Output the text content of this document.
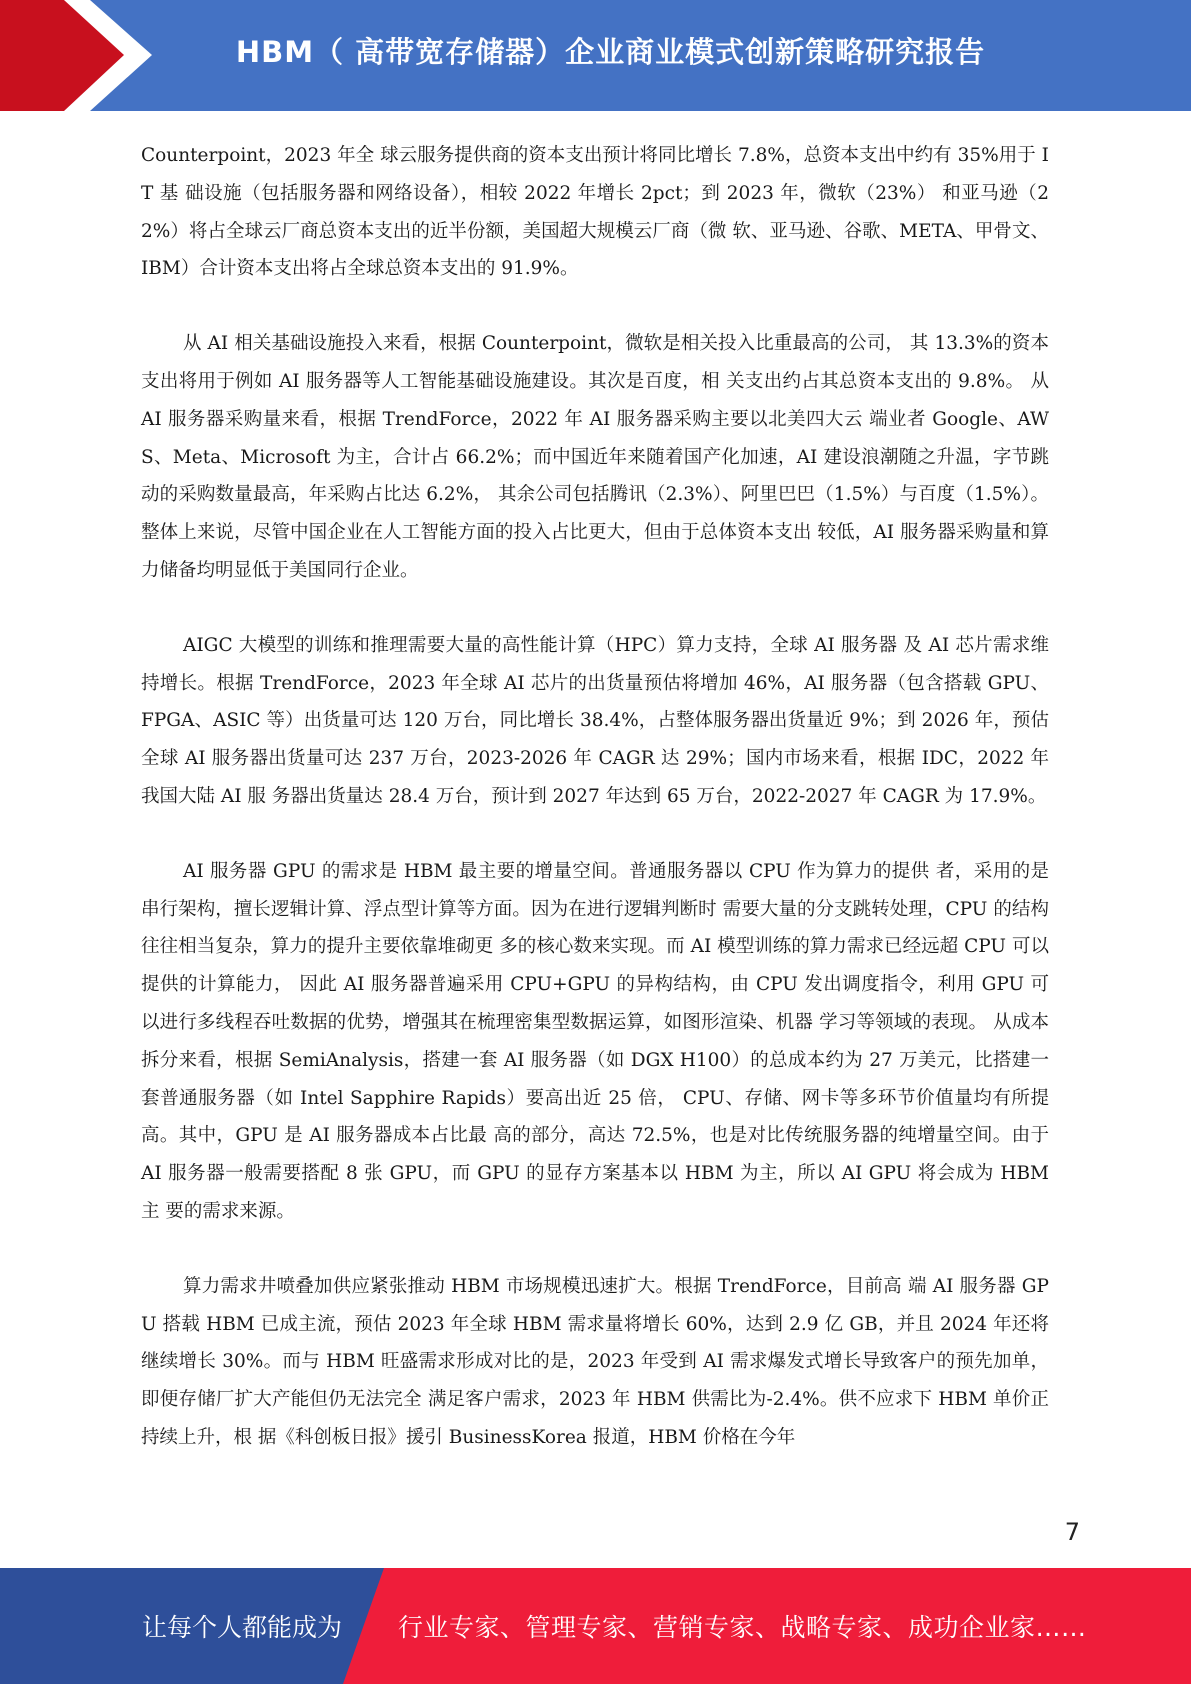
HBM（ 高带宽存储器）企业商业模式创新策略研究报告

Counterpoint，2023 年全 球云服务提供商的资本支出预计将同比增长 7.8%，总资本支出中约有 35%用于 IT 基 础设施（包括服务器和网络设备），相较 2022 年增长 2pct；到 2023 年，微软（23%） 和亚马逊（22%）将占全球云厂商总资本支出的近半份额，美国超大规模云厂商（微 软、亚马逊、谷歌、META、甲骨文、IBM）合计资本支出将占全球总资本支出的 91.9%。

从 AI 相关基础设施投入来看，根据 Counterpoint，微软是相关投入比重最高的公司， 其 13.3%的资本支出将用于例如 AI 服务器等人工智能基础设施建设。其次是百度，相 关支出约占其总资本支出的 9.8%。 从 AI 服务器采购量来看，根据 TrendForce，2022 年 AI 服务器采购主要以北美四大云 端业者 Google、AWS、Meta、Microsoft 为主，合计占 66.2%；而中国近年来随着国产化加速，AI 建设浪潮随之升温，字节跳动的采购数量最高，年采购占比达 6.2%， 其余公司包括腾讯（2.3%）、阿里巴巴（1.5%）与百度（1.5%）。 整体上来说，尽管中国企业在人工智能方面的投入占比更大，但由于总体资本支出 较低，AI 服务器采购量和算力储备均明显低于美国同行企业。

AIGC 大模型的训练和推理需要大量的高性能计算（HPC）算力支持，全球 AI 服务器 及 AI 芯片需求维持增长。根据 TrendForce，2023 年全球 AI 芯片的出货量预估将增加 46%，AI 服务器（包含搭载 GPU、FPGA、ASIC 等）出货量可达 120 万台，同比增长 38.4%，占整体服务器出货量近 9%；到 2026 年，预估全球 AI 服务器出货量可达 237 万台，2023-2026 年 CAGR 达 29%；国内市场来看，根据 IDC，2022 年我国大陆 AI 服 务器出货量达 28.4 万台，预计到 2027 年达到 65 万台，2022-2027 年 CAGR 为 17.9%。

AI 服务器 GPU 的需求是 HBM 最主要的增量空间。普通服务器以 CPU 作为算力的提供 者，采用的是串行架构，擅长逻辑计算、浮点型计算等方面。因为在进行逻辑判断时 需要大量的分支跳转处理，CPU 的结构往往相当复杂，算力的提升主要依靠堆砌更 多的核心数来实现。而 AI 模型训练的算力需求已经远超 CPU 可以提供的计算能力， 因此 AI 服务器普遍采用 CPU+GPU 的异构结构，由 CPU 发出调度指令，利用 GPU 可 以进行多线程吞吐数据的优势，增强其在梳理密集型数据运算，如图形渲染、机器 学习等领域的表现。 从成本拆分来看，根据 SemiAnalysis，搭建一套 AI 服务器（如 DGX H100）的总成本约为 27 万美元，比搭建一套普通服务器（如 Intel Sapphire Rapids）要高出近 25 倍， CPU、存储、网卡等多环节价值量均有所提高。其中，GPU 是 AI 服务器成本占比最 高的部分，高达 72.5%，也是对比传统服务器的纯增量空间。由于 AI 服务器一般需要搭配 8 张 GPU，而 GPU 的显存方案基本以 HBM 为主，所以 AI GPU 将会成为 HBM 主 要的需求来源。

算力需求井喷叠加供应紧张推动 HBM 市场规模迅速扩大。根据 TrendForce，目前高 端 AI 服务器 GPU 搭载 HBM 已成主流，预估 2023 年全球 HBM 需求量将增长 60%，达到 2.9 亿 GB，并且 2024 年还将继续增长 30%。而与 HBM 旺盛需求形成对比的是，2023 年受到 AI 需求爆发式增长导致客户的预先加单，即便存储厂扩大产能但仍无法完全 满足客户需求，2023 年 HBM 供需比为-2.4%。供不应求下 HBM 单价正持续上升，根 据《科创板日报》援引 BusinessKorea 报道，HBM 价格在今年

7
让每个人都能成为 行业专家、管理专家、营销专家、战略专家、成功企业家……
